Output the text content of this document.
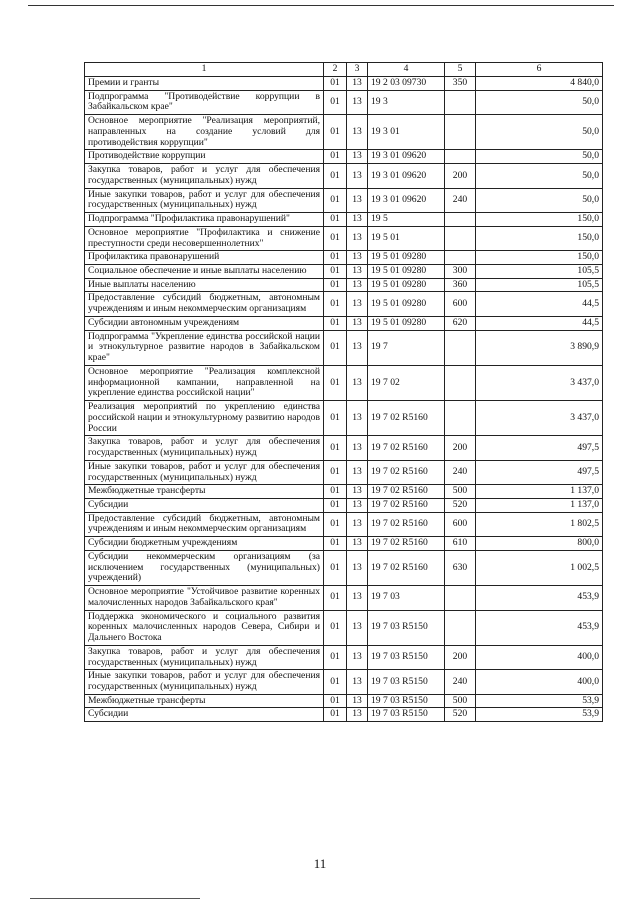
1	2	3	4	5	6
Премии и гранты	01	13	19 2 03 09730	350	4 840,0
Подпрограмма "Противодействие коррупции в Забайкальском крае"	01	13	19 3		50,0
Основное мероприятие "Реализация мероприятий, направленных на создание условий для противодействия коррупции"	01	13	19 3 01		50,0
Противодействие коррупции	01	13	19 3 01 09620		50,0
Закупка товаров, работ и услуг для обеспечения государственных (муниципальных) нужд	01	13	19 3 01 09620	200	50,0
Иные закупки товаров, работ и услуг для обеспечения государственных (муниципальных) нужд	01	13	19 3 01 09620	240	50,0
Подпрограмма "Профилактика правонарушений"	01	13	19 5		150,0
Основное мероприятие "Профилактика и снижение преступности среди несовершеннолетних"	01	13	19 5 01		150,0
Профилактика правонарушений	01	13	19 5 01 09280		150,0
Социальное обеспечение и иные выплаты населению	01	13	19 5 01 09280	300	105,5
Иные выплаты населению	01	13	19 5 01 09280	360	105,5
Предоставление субсидий бюджетным, автономным учреждениям и иным некоммерческим организациям	01	13	19 5 01 09280	600	44,5
Субсидии автономным учреждениям	01	13	19 5 01 09280	620	44,5
Подпрограмма "Укрепление единства российской нации и этнокультурное развитие народов в Забайкальском крае"	01	13	19 7		3 890,9
Основное мероприятие "Реализация комплексной информационной кампании, направленной на укрепление единства российской нации"	01	13	19 7 02		3 437,0
Реализация мероприятий по укреплению единства российской нации и этнокультурному развитию народов России	01	13	19 7 02 R5160		3 437,0
Закупка товаров, работ и услуг для обеспечения государственных (муниципальных) нужд	01	13	19 7 02 R5160	200	497,5
Иные закупки товаров, работ и услуг для обеспечения государственных (муниципальных) нужд	01	13	19 7 02 R5160	240	497,5
Межбюджетные трансферты	01	13	19 7 02 R5160	500	1 137,0
Субсидии	01	13	19 7 02 R5160	520	1 137,0
Предоставление субсидий бюджетным, автономным учреждениям и иным некоммерческим организациям	01	13	19 7 02 R5160	600	1 802,5
Субсидии бюджетным учреждениям	01	13	19 7 02 R5160	610	800,0
Субсидии некоммерческим организациям (за исключением государственных (муниципальных) учреждений)	01	13	19 7 02 R5160	630	1 002,5
Основное мероприятие "Устойчивое развитие коренных малочисленных народов Забайкальского края"	01	13	19 7 03		453,9
Поддержка экономического и социального развития коренных малочисленных народов Севера, Сибири и Дальнего Востока	01	13	19 7 03 R5150		453,9
Закупка товаров, работ и услуг для обеспечения государственных (муниципальных) нужд	01	13	19 7 03 R5150	200	400,0
Иные закупки товаров, работ и услуг для обеспечения государственных (муниципальных) нужд	01	13	19 7 03 R5150	240	400,0
Межбюджетные трансферты	01	13	19 7 03 R5150	500	53,9
Субсидии	01	13	19 7 03 R5150	520	53,9
11
